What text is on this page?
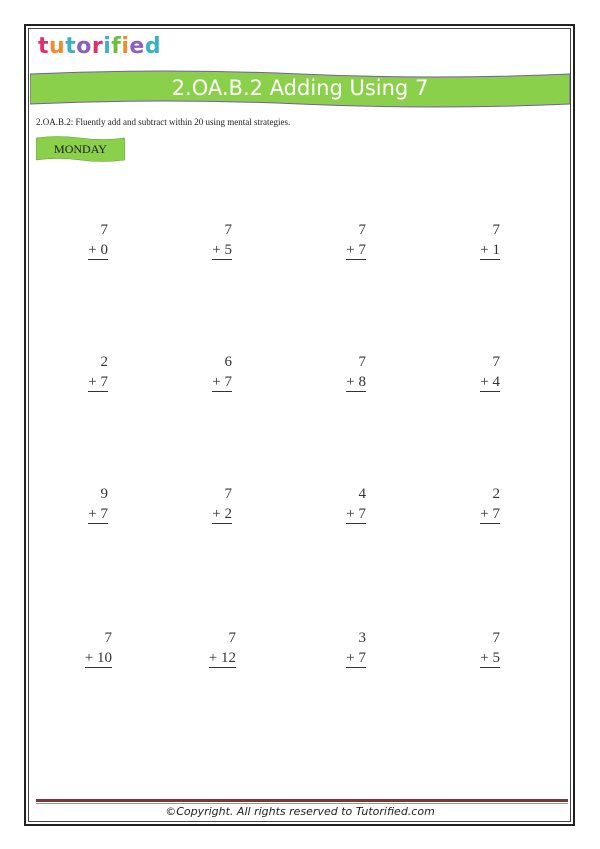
tutorified
2.OA.B.2 Adding Using 7
2.OA.B.2: Fluently add and subtract within 20 using mental strategies.
MONDAY
7
+ 0
7
+ 5
7
+ 7
7
+ 1
2
+ 7
6
+ 7
7
+ 8
7
+ 4
9
+ 7
7
+ 2
4
+ 7
2
+ 7
7
+ 10
7
+ 12
3
+ 7
7
+ 5
©Copyright. All rights reserved to Tutorified.com
